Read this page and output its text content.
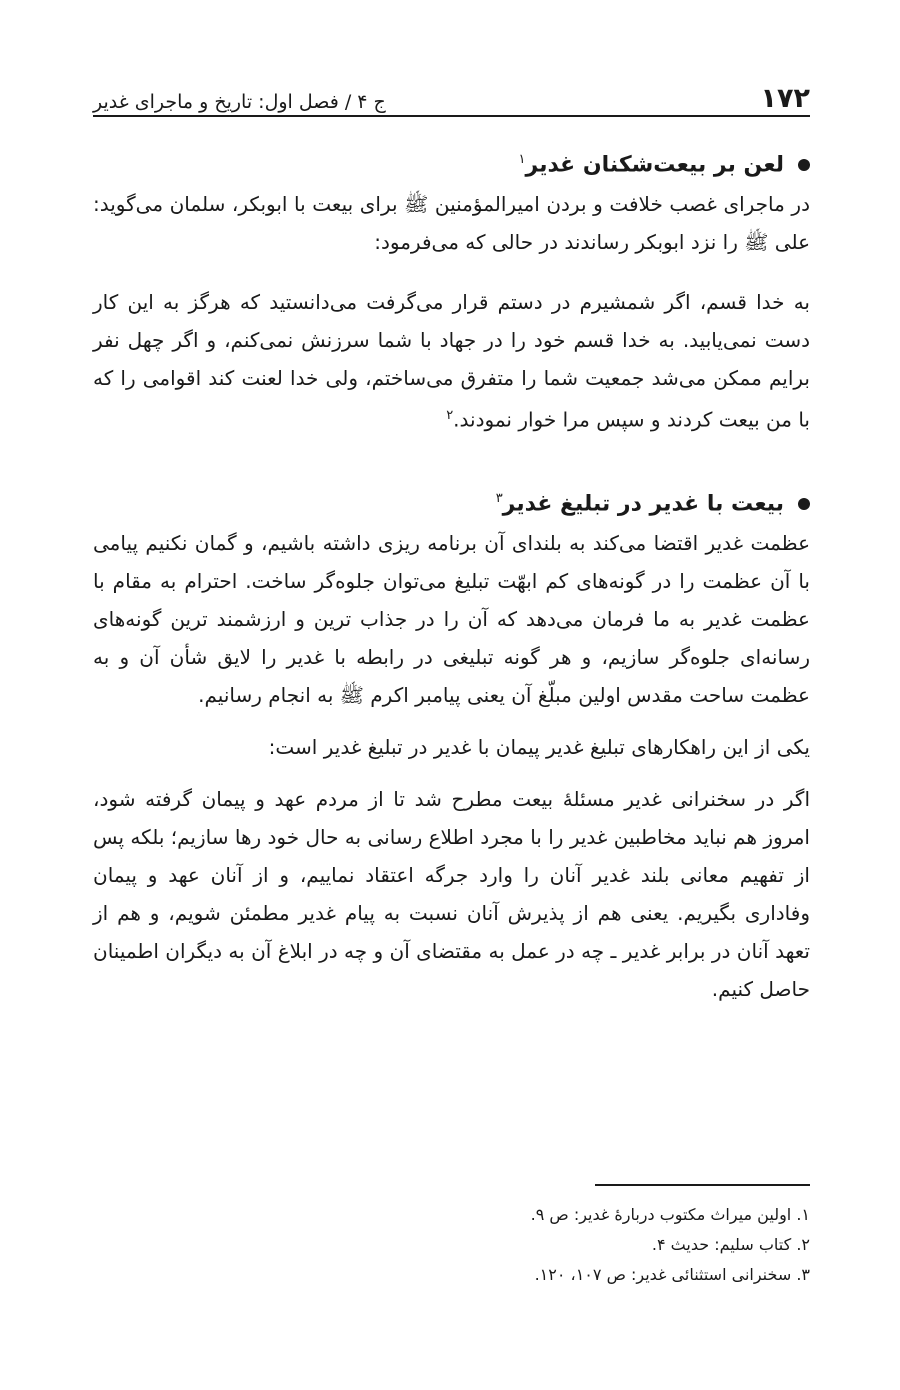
۱۷۲
ج ۴ / فصل اول: تاریخ و ماجرای غدیر
لعن بر بیعت‌شکنان غدیر$^۱$

در ماجرای غصب خلافت و بردن امیرالمؤمنین ﷺ برای بیعت با ابوبکر، سلمان می‌گوید: علی ﷺ را نزد ابوبکر رساندند در حالی که می‌فرمود:

به خدا قسم، اگر شمشیرم در دستم قرار می‌گرفت می‌دانستید که هرگز به این کار دست نمی‌یابید. به خدا قسم خود را در جهاد با شما سرزنش نمی‌کنم، و اگر چهل نفر برایم ممکن می‌شد جمعیت شما را متفرق می‌ساختم، ولی خدا لعنت کند اقوامی را که با من بیعت کردند و سپس مرا خوار نمودند.$^۲$

بیعت با غدیر در تبلیغ غدیر$^۳$

عظمت غدیر اقتضا می‌کند به بلندای آن برنامه ریزی داشته باشیم، و گمان نکنیم پیامی با آن عظمت را در گونه‌های کم ابهّت تبلیغ می‌توان جلوه‌گر ساخت. احترام به مقام با عظمت غدیر به ما فرمان می‌دهد که آن را در جذاب ترین و ارزشمند ترین گونه‌های رسانه‌ای جلوه‌گر سازیم، و هر گونه تبلیغی در رابطه با غدیر را لایق شأن آن و به عظمت ساحت مقدس اولین مبلّغ آن یعنی پیامبر اکرم ﷺ به انجام رسانیم.

یکی از این راهکارهای تبلیغ غدیر پیمان با غدیر در تبلیغ غدیر است:

اگر در سخنرانی غدیر مسئلهٔ بیعت مطرح شد تا از مردم عهد و پیمان گرفته شود، امروز هم نباید مخاطبین غدیر را با مجرد اطلاع رسانی به حال خود رها سازیم؛ بلکه پس از تفهیم معانی بلند غدیر آنان را وارد جرگه اعتقاد نماییم، و از آنان عهد و پیمان وفاداری بگیریم. یعنی هم از پذیرش آنان نسبت به پیام غدیر مطمئن شویم، و هم از تعهد آنان در برابر غدیر ـ چه در عمل به مقتضای آن و چه در ابلاغ آن به دیگران اطمینان حاصل کنیم.

۱. اولین میراث مکتوب دربارهٔ غدیر: ص ۹.

۲. کتاب سلیم: حدیث ۴.

۳. سخنرانی استثنائی غدیر: ص ۱۰۷، ۱۲۰.
